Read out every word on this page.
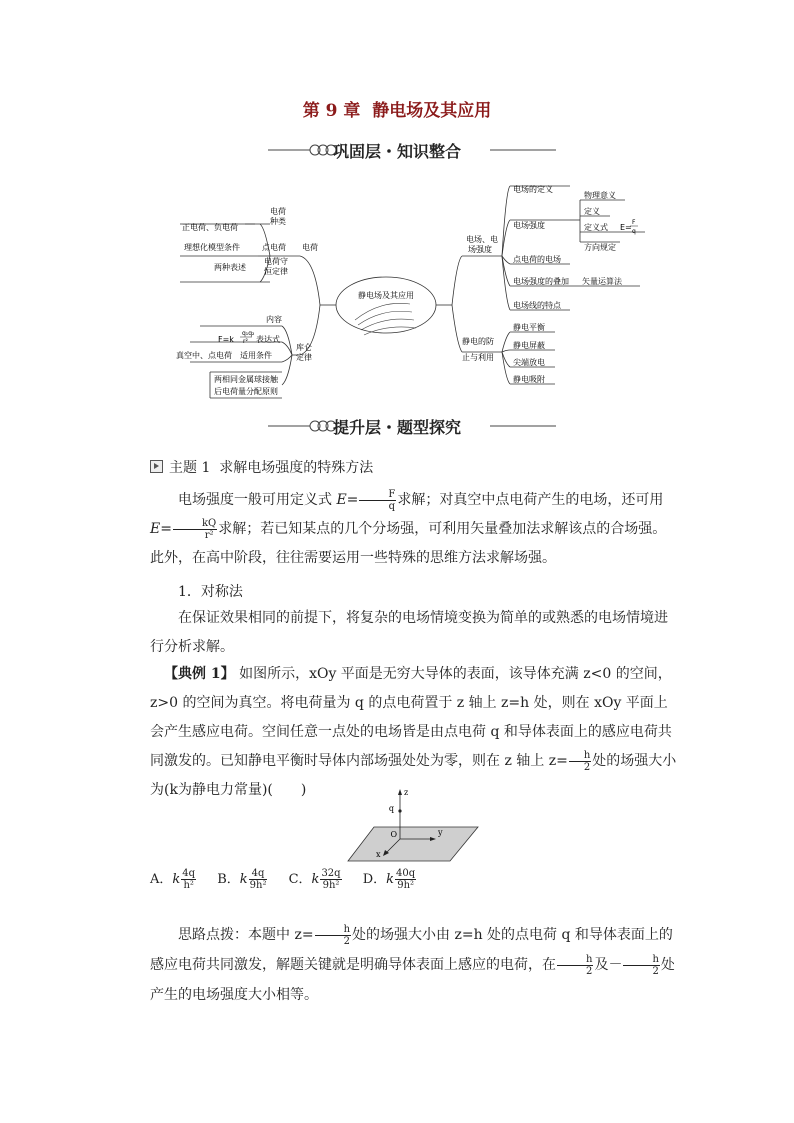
第 9 章 静电场及其应用
巩固层・知识整合
静电场及其应用
电荷
正电荷、负电荷
电荷
种类
理想化模型条件	点电荷
两种表述
电荷守
恒定律
库仑
定律
内容
F=k
q₁q₂
r² 表达式
真空中、点电荷 适用条件
两相同金属球接触
后电荷量分配原则
电场、电
场强度
电场的定义
电场强度
点电荷的电场
电场强度的叠加 矢量运算法
电场线的特点
物理意义
定义
定义式 E=
F
q
方向规定
静电的防
止与利用
静电平衡
静电屏蔽
尖端放电
静电吸附
提升层・题型探究
主题 1 求解电场强度的特殊方法
电场强度一般可用定义式 $E= \frac{F}{q}$ 求解；对真空中点电荷产生的电场，还可用 $E= \frac{kQ}{\text{r²}}$ 求解；若已知某点的几个分场强，可利用矢量叠加法求解该点的合场强。此外，在高中阶段，往往需要运用一些特殊的思维方法求解场强。
1．对称法
在保证效果相同的前提下，将复杂的电场情境变换为简单的或熟悉的电场情境进行分析求解。
【典例 1】 如图所示，xOy 平面是无穷大导体的表面，该导体充满 z<0 的空间，z>0 的空间为真空。将电荷量为 q 的点电荷置于 z 轴上 z=h 处，则在 xOy 平面上会产生感应电荷。空间任意一点处的电场皆是由点电荷 q 和导体表面上的感应电荷共同激发的。已知静电平衡时导体内部场强处处为零，则在 z 轴上 $z= \frac{h}{2}$ 处的场强大小为(k为静电力常量)(　　)
q
z
O	y
x
A．k $\frac{4q}{\text{h²}}$ B．k $\frac{4q}{\text{9h²}}$ C．k $\frac{32q}{\text{9h²}}$ D．k $\frac{40q}{\text{9h²}}$
思路点拨：本题中 $z= \frac{h}{2}$ 处的场强大小由 z=h 处的点电荷 q 和导体表面上的感应电荷共同激发，解题关键就是明确导体表面上感应的电荷，在 $\frac{h}{2}$ 及－ $\frac{h}{2}$ 处产生的电场强度大小相等。
